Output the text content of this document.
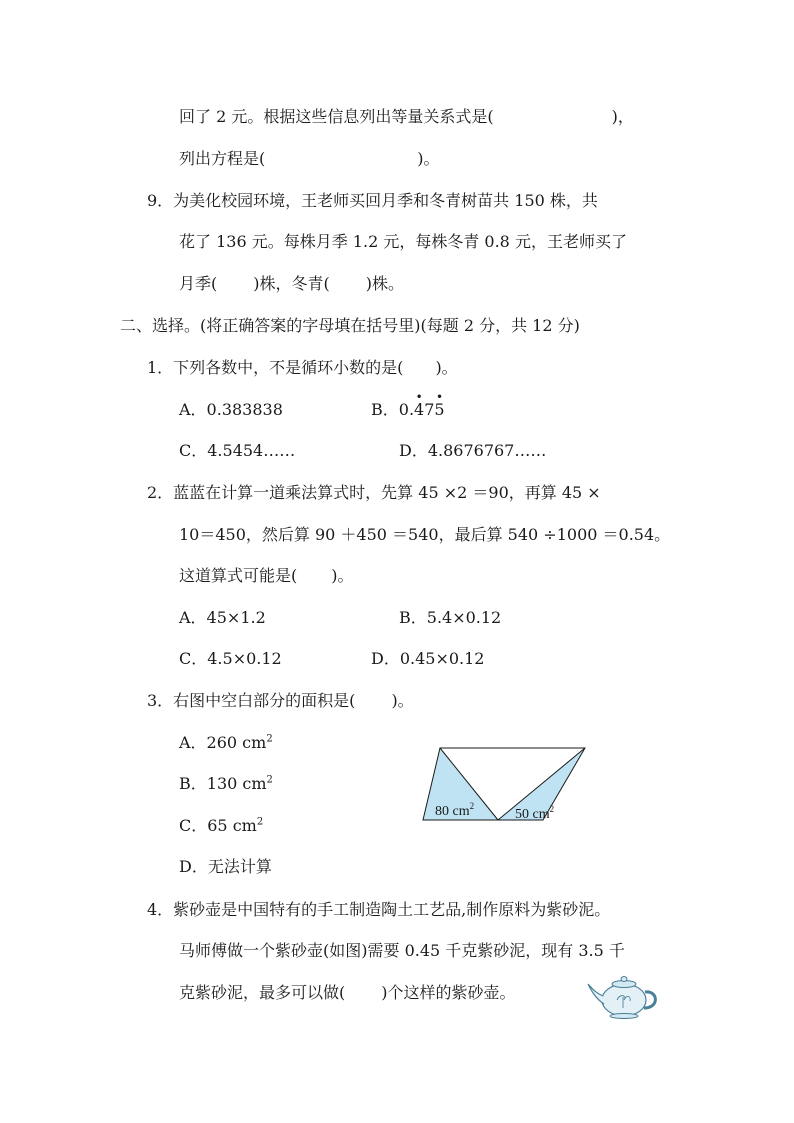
回了 2 元。根据这些信息列出等量关系式是(	)，
列出方程是(	)。
9．为美化校园环境，王老师买回月季和冬青树苗共 150 株，共
花了 136 元。每株月季 1.2 元，每株冬青 0.8 元，王老师买了
月季( )株，冬青( )株。
二、选择。(将正确答案的字母填在括号里)(每题 2 分，共 12 分)
1．下列各数中，不是循环小数的是( )。
A．0.383838	B．0.
•
47
•
5
C．4.5454……	D．4.8676767……
2．蓝蓝在计算一道乘法算式时，先算 45 ×2 ＝90，再算 45 ×
10＝450，然后算 90 ＋450 ＝540，最后算 540 ÷1000 ＝0.54。
这道算式可能是( )。
A．45×1.2	B．5.4×0.12
C．4.5×0.12	D．0.45×0.12
3．右图中空白部分的面积是( )。
A．260 $cm^2$
B．130 $cm^2$
C．65 $cm^2$
D．无法计算
80 $cm^2$
50 $cm^2$
4．紫砂壶是中国特有的手工制造陶土工艺品,制作原料为紫砂泥。
马师傅做一个紫砂壶(如图)需要 0.45 千克紫砂泥，现有 3.5 千
克紫砂泥，最多可以做( )个这样的紫砂壶。
